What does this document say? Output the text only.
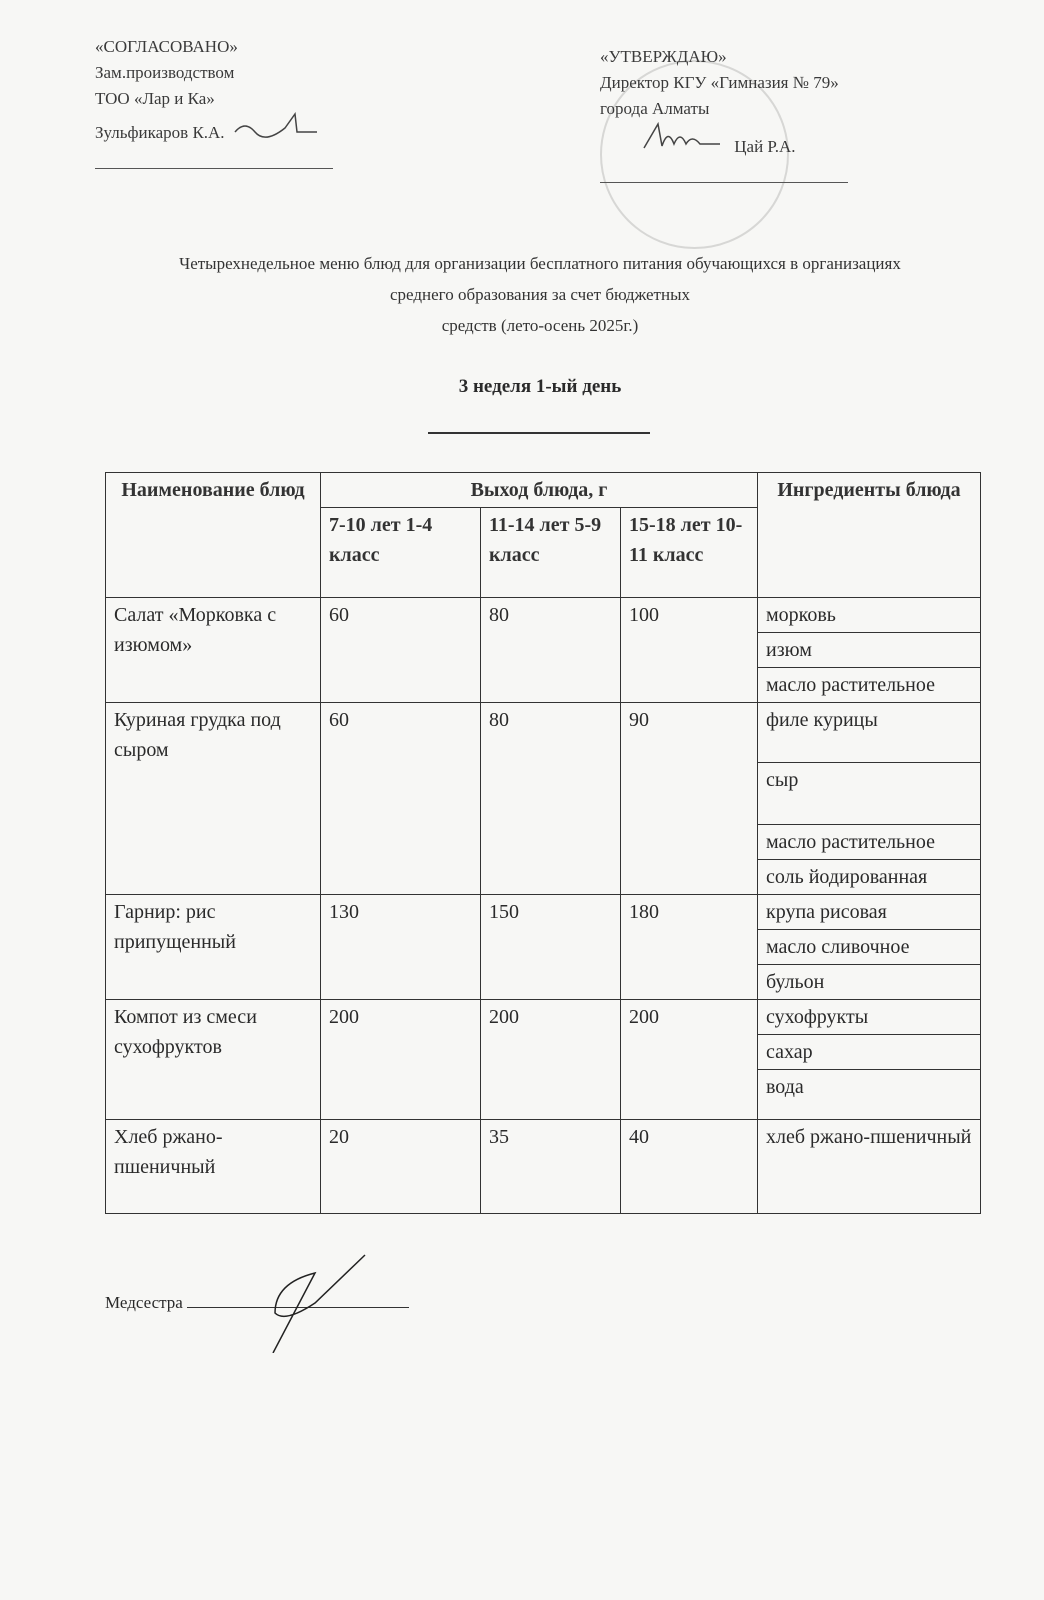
«СОГЛАСОВАНО»
Зам.производством
ТОО «Лар и Ка»
Зульфикаров К.А.
«УТВЕРЖДАЮ»
Директор КГУ «Гимназия № 79»
города Алматы
Цай Р.А.
Четырехнедельное меню блюд для организации бесплатного питания обучающихся в организациях
среднего образования за счет бюджетных
средств (лето-осень 2025г.)
3 неделя 1-ый день
Наименование блюд	Выход блюда, г			Ингредиенты блюда
	7-10 лет 1-4 класс	11-14 лет 5-9 класс	15-18 лет 10-11 класс	
Салат «Морковка с изюмом»	60	80	100	морковь
				изюм
				масло растительное
Куриная грудка под сыром	60	80	90	филе курицы
				сыр
				масло растительное
				соль йодированная
Гарнир: рис припущенный	130	150	180	крупа рисовая
				масло сливочное
				бульон
Компот из смеси сухофруктов	200	200	200	сухофрукты
				сахар
				вода
Хлеб ржано-пшеничный	20	35	40	хлеб ржано-пшеничный
Медсестра
